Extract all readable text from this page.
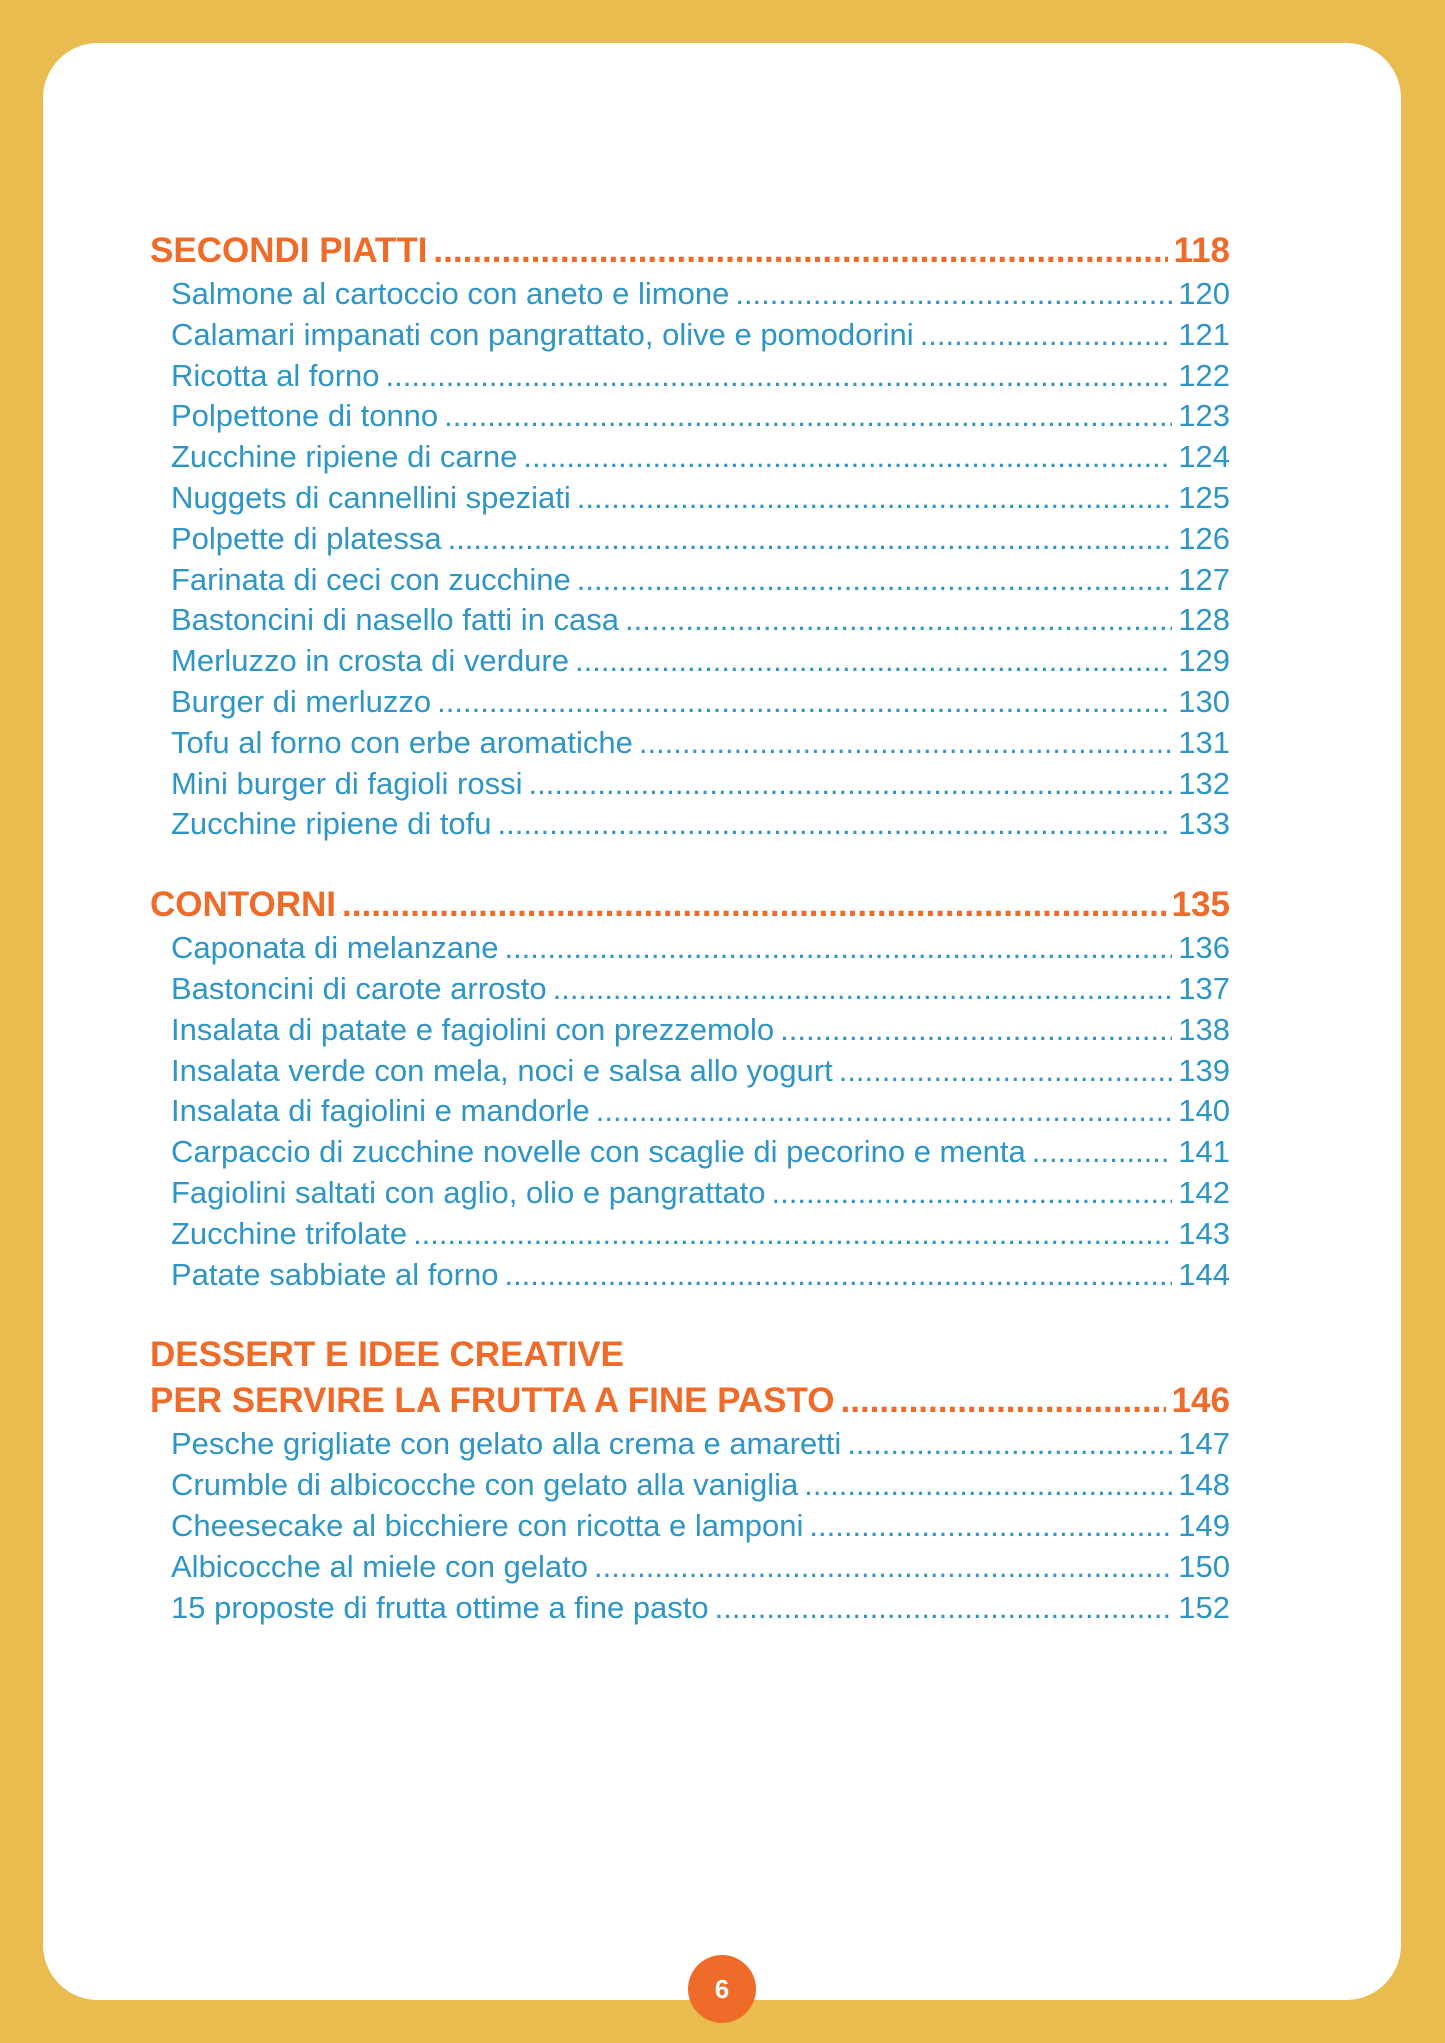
SECONDI PIATTI .....	118
Salmone al cartoccio con aneto e limone .....	120
Calamari impanati con pangrattato, olive e pomodorini .....	121
Ricotta al forno .....	122
Polpettone di tonno .....	123
Zucchine ripiene di carne .....	124
Nuggets di cannellini speziati .....	125
Polpette di platessa .....	126
Farinata di ceci con zucchine .....	127
Bastoncini di nasello fatti in casa .....	128
Merluzzo in crosta di verdure .....	129
Burger di merluzzo .....	130
Tofu al forno con erbe aromatiche .....	131
Mini burger di fagioli rossi .....	132
Zucchine ripiene di tofu .....	133
CONTORNI .....	135
Caponata di melanzane .....	136
Bastoncini di carote arrosto .....	137
Insalata di patate e fagiolini con prezzemolo .....	138
Insalata verde con mela, noci e salsa allo yogurt .....	139
Insalata di fagiolini e mandorle .....	140
Carpaccio di zucchine novelle con scaglie di pecorino e menta .....	141
Fagiolini saltati con aglio, olio e pangrattato .....	142
Zucchine trifolate .....	143
Patate sabbiate al forno .....	144
DESSERT E IDEE CREATIVE
PER SERVIRE LA FRUTTA A FINE PASTO .....	146
Pesche grigliate con gelato alla crema e amaretti .....	147
Crumble di albicocche con gelato alla vaniglia .....	148
Cheesecake al bicchiere con ricotta e lamponi .....	149
Albicocche al miele con gelato .....	150
15 proposte di frutta ottime a fine pasto .....	152
6
